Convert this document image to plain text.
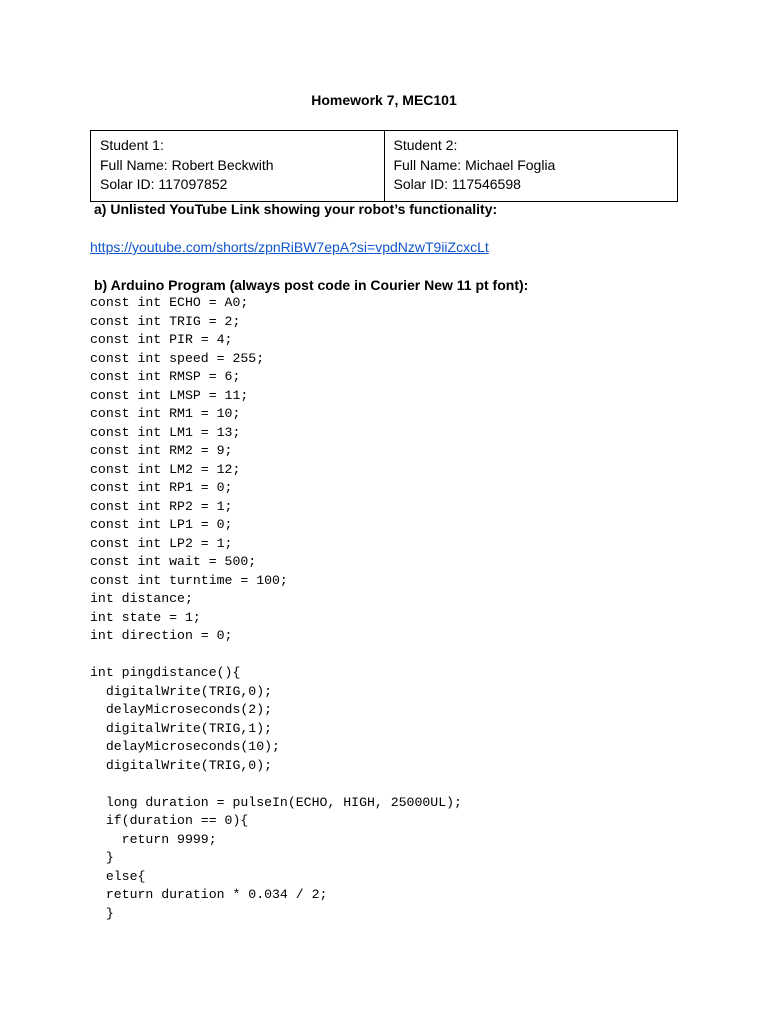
Homework 7, MEC101
Student 1:
Full Name: Robert Beckwith
Solar ID: 117097852

Student 2:
Full Name: Michael Foglia
Solar ID: 117546598
a) Unlisted YouTube Link showing your robot’s functionality:
https://youtube.com/shorts/zpnRiBW7epA?si=vpdNzwT9iiZcxcLt
b) Arduino Program (always post code in Courier New 11 pt font):
const int ECHO = A0;
const int TRIG = 2;
const int PIR = 4;
const int speed = 255;
const int RMSP = 6;
const int LMSP = 11;
const int RM1 = 10;
const int LM1 = 13;
const int RM2 = 9;
const int LM2 = 12;
const int RP1 = 0;
const int RP2 = 1;
const int LP1 = 0;
const int LP2 = 1;
const int wait = 500;
const int turntime = 100;
int distance;
int state = 1;
int direction = 0;
int pingdistance(){
digitalWrite(TRIG,0);
delayMicroseconds(2);
digitalWrite(TRIG,1);
delayMicroseconds(10);
digitalWrite(TRIG,0);
long duration = pulseIn(ECHO, HIGH, 25000UL);
if(duration == 0){
return 9999;
}
else{
return duration * 0.034 / 2;
}
